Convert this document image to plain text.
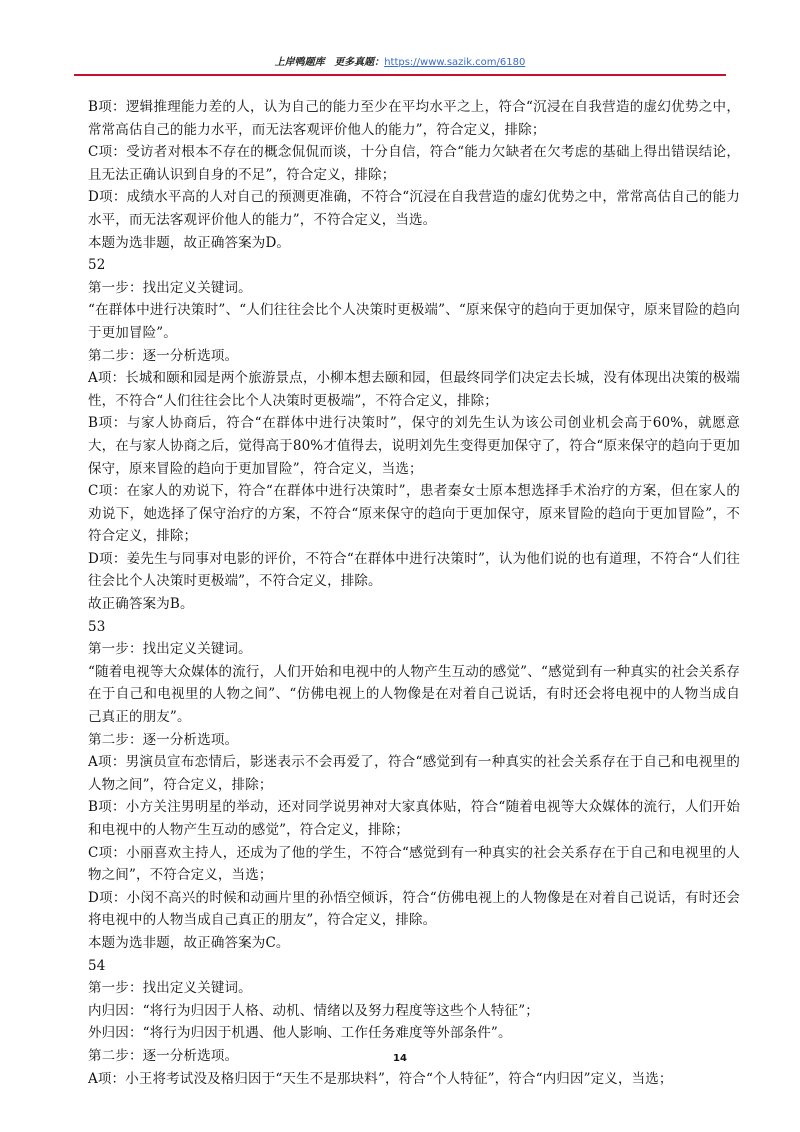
上岸鸭题库 更多真题：https://www.sazik.com/6180

B项：逻辑推理能力差的人，认为自己的能力至少在平均水平之上，符合“沉浸在自我营造的虚幻优势之中，常常高估自己的能力水平，而无法客观评价他人的能力”，符合定义，排除；

C项：受访者对根本不存在的概念侃侃而谈，十分自信，符合“能力欠缺者在欠考虑的基础上得出错误结论，且无法正确认识到自身的不足”，符合定义，排除；

D项：成绩水平高的人对自己的预测更准确，不符合“沉浸在自我营造的虚幻优势之中，常常高估自己的能力水平，而无法客观评价他人的能力”，不符合定义，当选。

本题为选非题，故正确答案为D。

52

第一步：找出定义关键词。

“在群体中进行决策时”、“人们往往会比个人决策时更极端”、“原来保守的趋向于更加保守，原来冒险的趋向于更加冒险”。

第二步：逐一分析选项。

A项：长城和颐和园是两个旅游景点，小柳本想去颐和园，但最终同学们决定去长城，没有体现出决策的极端性，不符合“人们往往会比个人决策时更极端”，不符合定义，排除；

B项：与家人协商后，符合“在群体中进行决策时”，保守的刘先生认为该公司创业机会高于60%，就愿意大，在与家人协商之后，觉得高于80%才值得去，说明刘先生变得更加保守了，符合“原来保守的趋向于更加保守，原来冒险的趋向于更加冒险”，符合定义，当选；

C项：在家人的劝说下，符合“在群体中进行决策时”，患者秦女士原本想选择手术治疗的方案，但在家人的劝说下，她选择了保守治疗的方案，不符合“原来保守的趋向于更加保守，原来冒险的趋向于更加冒险”，不符合定义，排除；

D项：姜先生与同事对电影的评价，不符合“在群体中进行决策时”，认为他们说的也有道理，不符合“人们往往会比个人决策时更极端”，不符合定义，排除。

故正确答案为B。

53

第一步：找出定义关键词。

“随着电视等大众媒体的流行，人们开始和电视中的人物产生互动的感觉”、“感觉到有一种真实的社会关系存在于自己和电视里的人物之间”、“仿佛电视上的人物像是在对着自己说话，有时还会将电视中的人物当成自己真正的朋友”。

第二步：逐一分析选项。

A项：男演员宣布恋情后，影迷表示不会再爱了，符合“感觉到有一种真实的社会关系存在于自己和电视里的人物之间”，符合定义，排除；

B项：小方关注男明星的举动，还对同学说男神对大家真体贴，符合“随着电视等大众媒体的流行，人们开始和电视中的人物产生互动的感觉”，符合定义，排除；

C项：小丽喜欢主持人，还成为了他的学生，不符合“感觉到有一种真实的社会关系存在于自己和电视里的人物之间”，不符合定义，当选；

D项：小闵不高兴的时候和动画片里的孙悟空倾诉，符合“仿佛电视上的人物像是在对着自己说话，有时还会将电视中的人物当成自己真正的朋友”，符合定义，排除。

本题为选非题，故正确答案为C。

54

第一步：找出定义关键词。

内归因：“将行为归因于人格、动机、情绪以及努力程度等这些个人特征”；

外归因：“将行为归因于机遇、他人影响、工作任务难度等外部条件”。

第二步：逐一分析选项。

A项：小王将考试没及格归因于“天生不是那块料”，符合“个人特征”，符合“内归因”定义，当选；

14
